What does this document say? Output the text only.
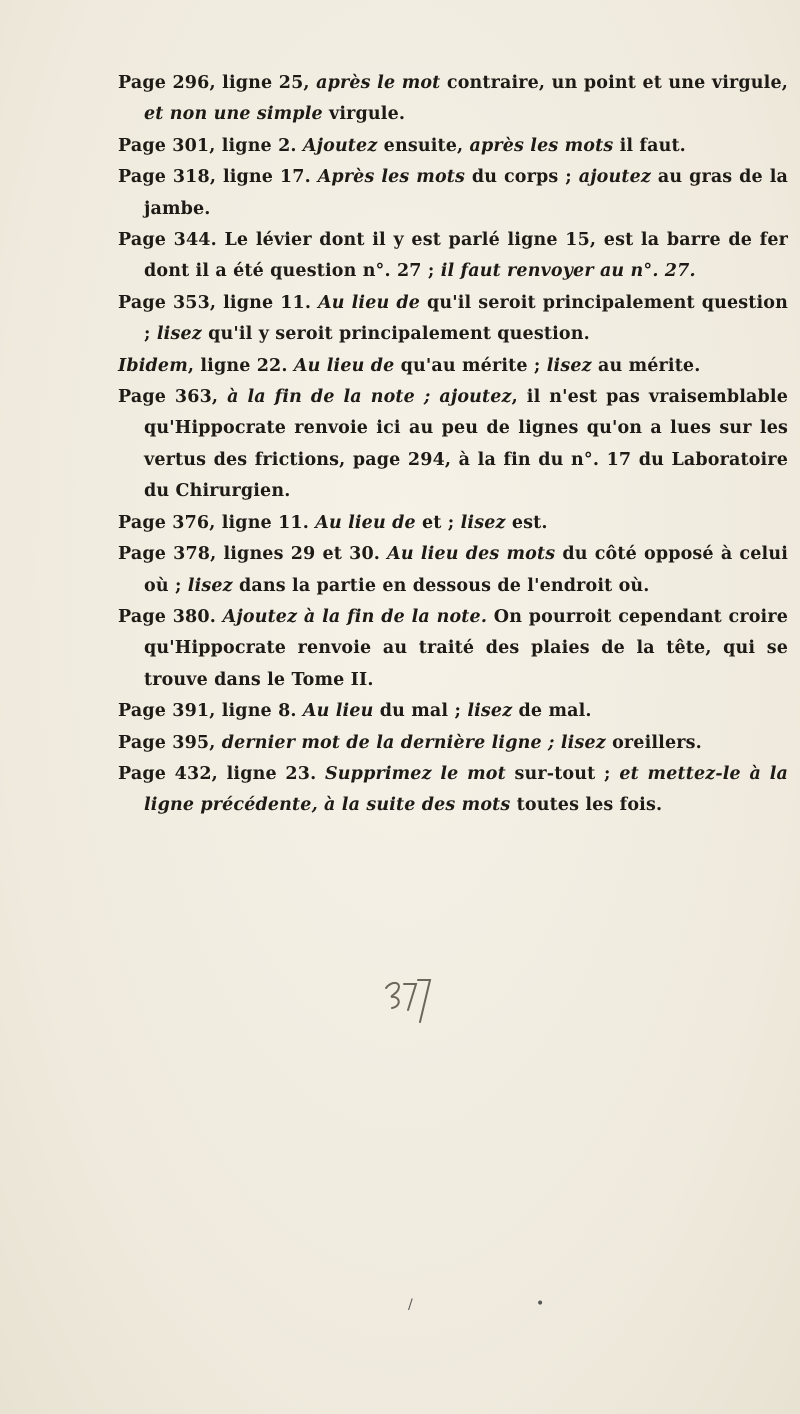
Page 296, ligne 25, après le mot contraire, un point et une virgule, et non une simple virgule.

Page 301, ligne 2. Ajoutez ensuite, après les mots il faut.

Page 318, ligne 17. Après les mots du corps ; ajoutez au gras de la jambe.

Page 344. Le lévier dont il y est parlé ligne 15, est la barre de fer dont il a été question n°. 27 ; il faut renvoyer au n°. 27.

Page 353, ligne 11. Au lieu de qu'il seroit principalement question ; lisez qu'il y seroit principalement question.

Ibidem, ligne 22. Au lieu de qu'au mérite ; lisez au mérite.

Page 363, à la fin de la note ; ajoutez, il n'est pas vraisemblable qu'Hippocrate renvoie ici au peu de lignes qu'on a lues sur les vertus des frictions, page 294, à la fin du n°. 17 du Laboratoire du Chirurgien.

Page 376, ligne 11. Au lieu de et ; lisez est.

Page 378, lignes 29 et 30. Au lieu des mots du côté opposé à celui où ; lisez dans la partie en dessous de l'endroit où.

Page 380. Ajoutez à la fin de la note. On pourroit cependant croire qu'Hippocrate renvoie au traité des plaies de la tête, qui se trouve dans le Tome II.

Page 391, ligne 8. Au lieu du mal ; lisez de mal.

Page 395, dernier mot de la dernière ligne ; lisez oreillers.

Page 432, ligne 23. Supprimez le mot sur-tout ; et mettez-le à la ligne précédente, à la suite des mots toutes les fois.

/	•
